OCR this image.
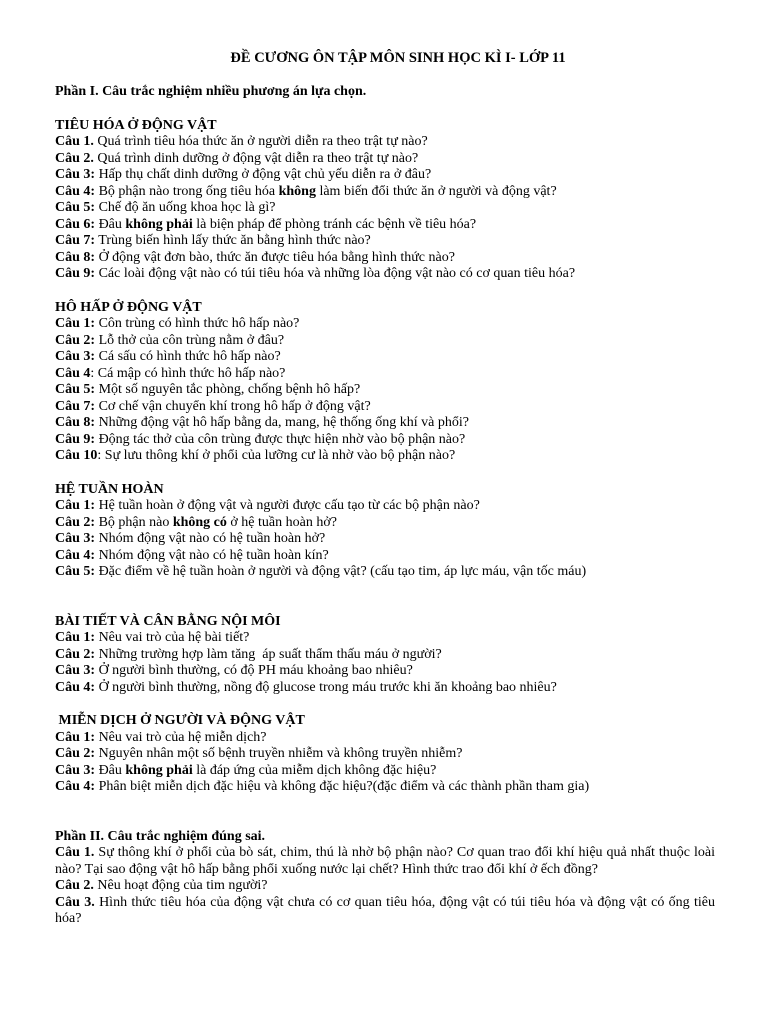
ĐỀ CƯƠNG ÔN TẬP MÔN SINH HỌC KÌ I- LỚP 11

Phần I. Câu trắc nghiệm nhiều phương án lựa chọn.

TIÊU HÓA Ở ĐỘNG VẬT

Câu 1. Quá trình tiêu hóa thức ăn ở người diễn ra theo trật tự nào?

Câu 2. Quá trình dinh dưỡng ở động vật diễn ra theo trật tự nào?

Câu 3: Hấp thụ chất dinh dưỡng ở động vật chủ yếu diễn ra ở đâu?

Câu 4: Bộ phận nào trong ống tiêu hóa không làm biến đổi thức ăn ở người và động vật?

Câu 5: Chế độ ăn uống khoa học là gì?

Câu 6: Đâu không phải là biện pháp để phòng tránh các bệnh về tiêu hóa?

Câu 7: Trùng biến hình lấy thức ăn bằng hình thức nào?

Câu 8: Ở động vật đơn bào, thức ăn được tiêu hóa bằng hình thức nào?

Câu 9: Các loài động vật nào có túi tiêu hóa và những lòa động vật nào có cơ quan tiêu hóa?

HÔ HẤP Ở ĐỘNG VẬT

Câu 1: Côn trùng có hình thức hô hấp nào?

Câu 2: Lỗ thở của côn trùng nằm ở đâu?

Câu 3: Cá sấu có hình thức hô hấp nào?

Câu 4: Cá mập có hình thức hô hấp nào?

Câu 5: Một số nguyên tắc phòng, chống bệnh hô hấp?

Câu 7: Cơ chế vận chuyển khí trong hô hấp ở động vật?

Câu 8: Những động vật hô hấp bằng da, mang, hệ thống ống khí và phổi?

Câu 9: Động tác thở của côn trùng được thực hiện nhờ vào bộ phận nào?

Câu 10: Sự lưu thông khí ở phổi của lưỡng cư là nhờ vào bộ phận nào?

HỆ TUẦN HOÀN

Câu 1: Hệ tuần hoàn ở động vật và người được cấu tạo từ các bộ phận nào?

Câu 2: Bộ phận nào không có ở hệ tuần hoàn hở?

Câu 3: Nhóm động vật nào có hệ tuần hoàn hở?

Câu 4: Nhóm động vật nào có hệ tuần hoàn kín?

Câu 5: Đặc điểm về hệ tuần hoàn ở người và động vật? (cấu tạo tim, áp lực máu, vận tốc máu)

BÀI TIẾT VÀ CÂN BẰNG NỘI MÔI

Câu 1: Nêu vai trò của hệ bài tiết?

Câu 2: Những trường hợp làm tăng  áp suất thẩm thấu máu ở người?

Câu 3: Ở người bình thường, có độ PH máu khoảng bao nhiêu?

Câu 4: Ở người bình thường, nồng độ glucose trong máu trước khi ăn khoảng bao nhiêu?

MIỄN DỊCH Ở NGƯỜI VÀ ĐỘNG VẬT

Câu 1: Nêu vai trò của hệ miễn dịch?

Câu 2: Nguyên nhân một số bệnh truyền nhiễm và không truyền nhiễm?

Câu 3: Đâu không phải là đáp ứng của miễm dịch không đặc hiệu?

Câu 4: Phân biệt miễn dịch đặc hiệu và không đặc hiệu?(đặc điểm và các thành phần tham gia)

Phần II. Câu trắc nghiệm đúng sai.

Câu 1. Sự thông khí ở phổi của bò sát, chim, thú là nhờ bộ phận nào? Cơ quan trao đổi khí hiệu quả nhất thuộc loài nào? Tại sao động vật hô hấp bằng phổi xuống nước lại chết? Hình thức trao đổi khí ở ếch đồng?

Câu 2. Nêu hoạt động của tim người?

Câu 3. Hình thức tiêu hóa của động vật chưa có cơ quan tiêu hóa, động vật có túi tiêu hóa và động vật có ống tiêu hóa?
